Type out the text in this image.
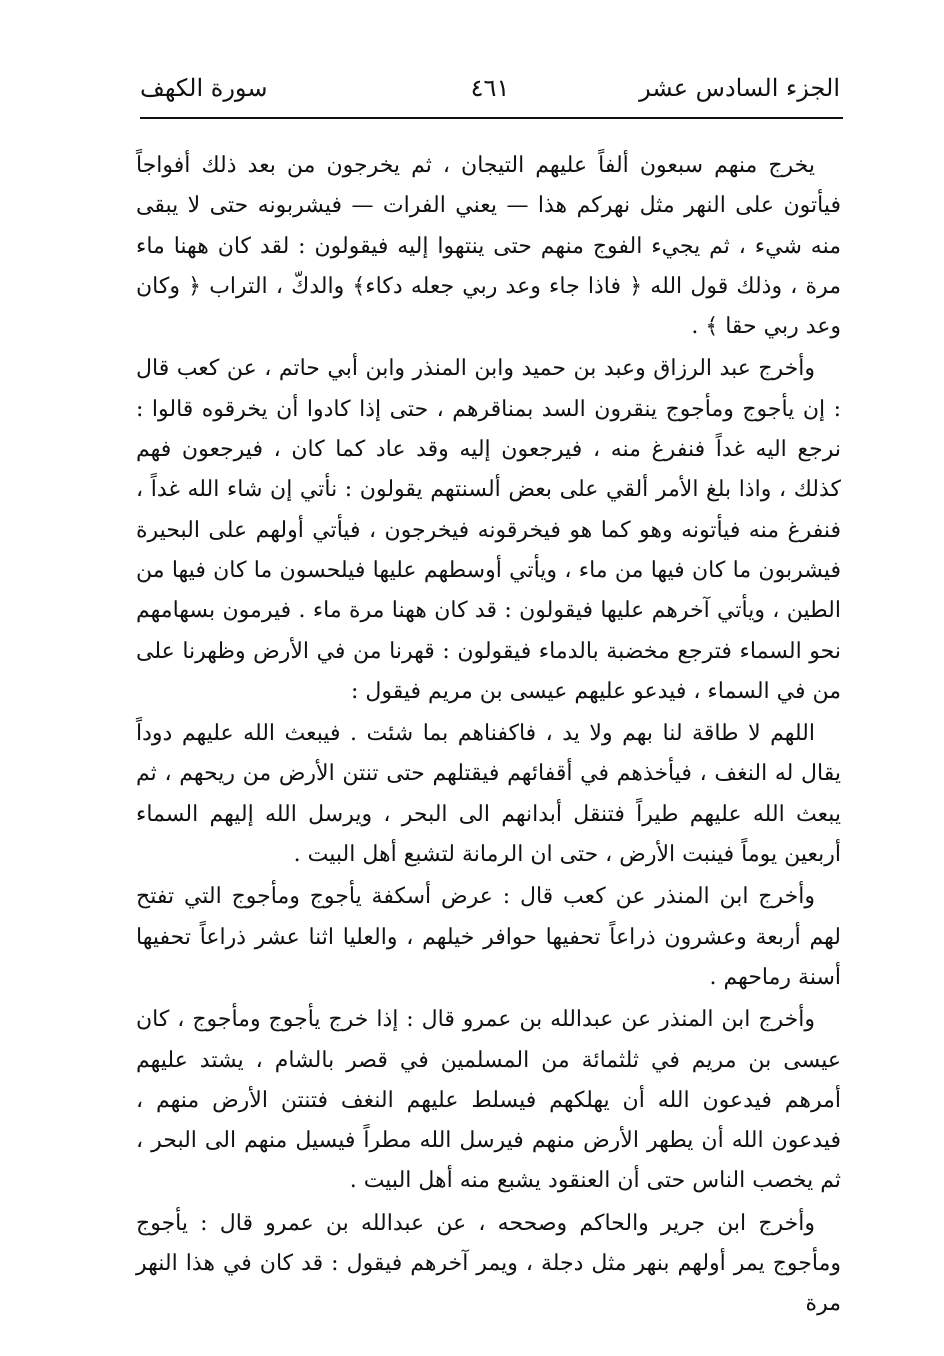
الجزء السادس عشر
٤٦١
سورة الكهف

يخرج منهم سبعون ألفاً عليهم التيجان ، ثم يخرجون من بعد ذلك أفواجاً فيأتون على النهر مثل نهركم هذا — يعني الفرات — فيشربونه حتى لا يبقى منه شيء ، ثم يجيء الفوج منهم حتى ينتهوا إليه فيقولون : لقد كان ههنا ماء مرة ، وذلك قول الله ﴿ فاذا جاء وعد ربي جعله دكاء﴾ والدكّ ، التراب ﴿ وكان وعد ربي حقا ﴾ .

وأخرج عبد الرزاق وعبد بن حميد وابن المنذر وابن أبي حاتم ، عن كعب قال : إن يأجوج ومأجوج ينقرون السد بمناقرهم ، حتى إذا كادوا أن يخرقوه قالوا : نرجع اليه غداً فنفرغ منه ، فيرجعون إليه وقد عاد كما كان ، فيرجعون فهم كذلك ، واذا بلغ الأمر ألقي على بعض ألسنتهم يقولون : نأتي إن شاء الله غداً ، فنفرغ منه فيأتونه وهو كما هو فيخرقونه فيخرجون ، فيأتي أولهم على البحيرة فيشربون ما كان فيها من ماء ، ويأتي أوسطهم عليها فيلحسون ما كان فيها من الطين ، ويأتي آخرهم عليها فيقولون : قد كان ههنا مرة ماء . فيرمون بسهامهم نحو السماء فترجع مخضبة بالدماء فيقولون : قهرنا من في الأرض وظهرنا على من في السماء ، فيدعو عليهم عيسى بن مريم فيقول :

اللهم لا طاقة لنا بهم ولا يد ، فاكفناهم بما شئت . فيبعث الله عليهم دوداً يقال له النغف ، فيأخذهم في أقفائهم فيقتلهم حتى تنتن الأرض من ريحهم ، ثم يبعث الله عليهم طيراً فتنقل أبدانهم الى البحر ، ويرسل الله إليهم السماء أربعين يوماً فينبت الأرض ، حتى ان الرمانة لتشبع أهل البيت .

وأخرج ابن المنذر عن كعب قال : عرض أسكفة يأجوج ومأجوج التي تفتح لهم أربعة وعشرون ذراعاً تحفيها حوافر خيلهم ، والعليا اثنا عشر ذراعاً تحفيها أسنة رماحهم .

وأخرج ابن المنذر عن عبدالله بن عمرو قال : إذا خرج يأجوج ومأجوج ، كان عيسى بن مريم في ثلثمائة من المسلمين في قصر بالشام ، يشتد عليهم أمرهم فيدعون الله أن يهلكهم فيسلط عليهم النغف فتنتن الأرض منهم ، فيدعون الله أن يطهر الأرض منهم فيرسل الله مطراً فيسيل منهم الى البحر ، ثم يخصب الناس حتى أن العنقود يشبع منه أهل البيت .

وأخرج ابن جرير والحاكم وصححه ، عن عبدالله بن عمرو قال : يأجوج ومأجوج يمر أولهم بنهر مثل دجلة ، ويمر آخرهم فيقول : قد كان في هذا النهر مرة
